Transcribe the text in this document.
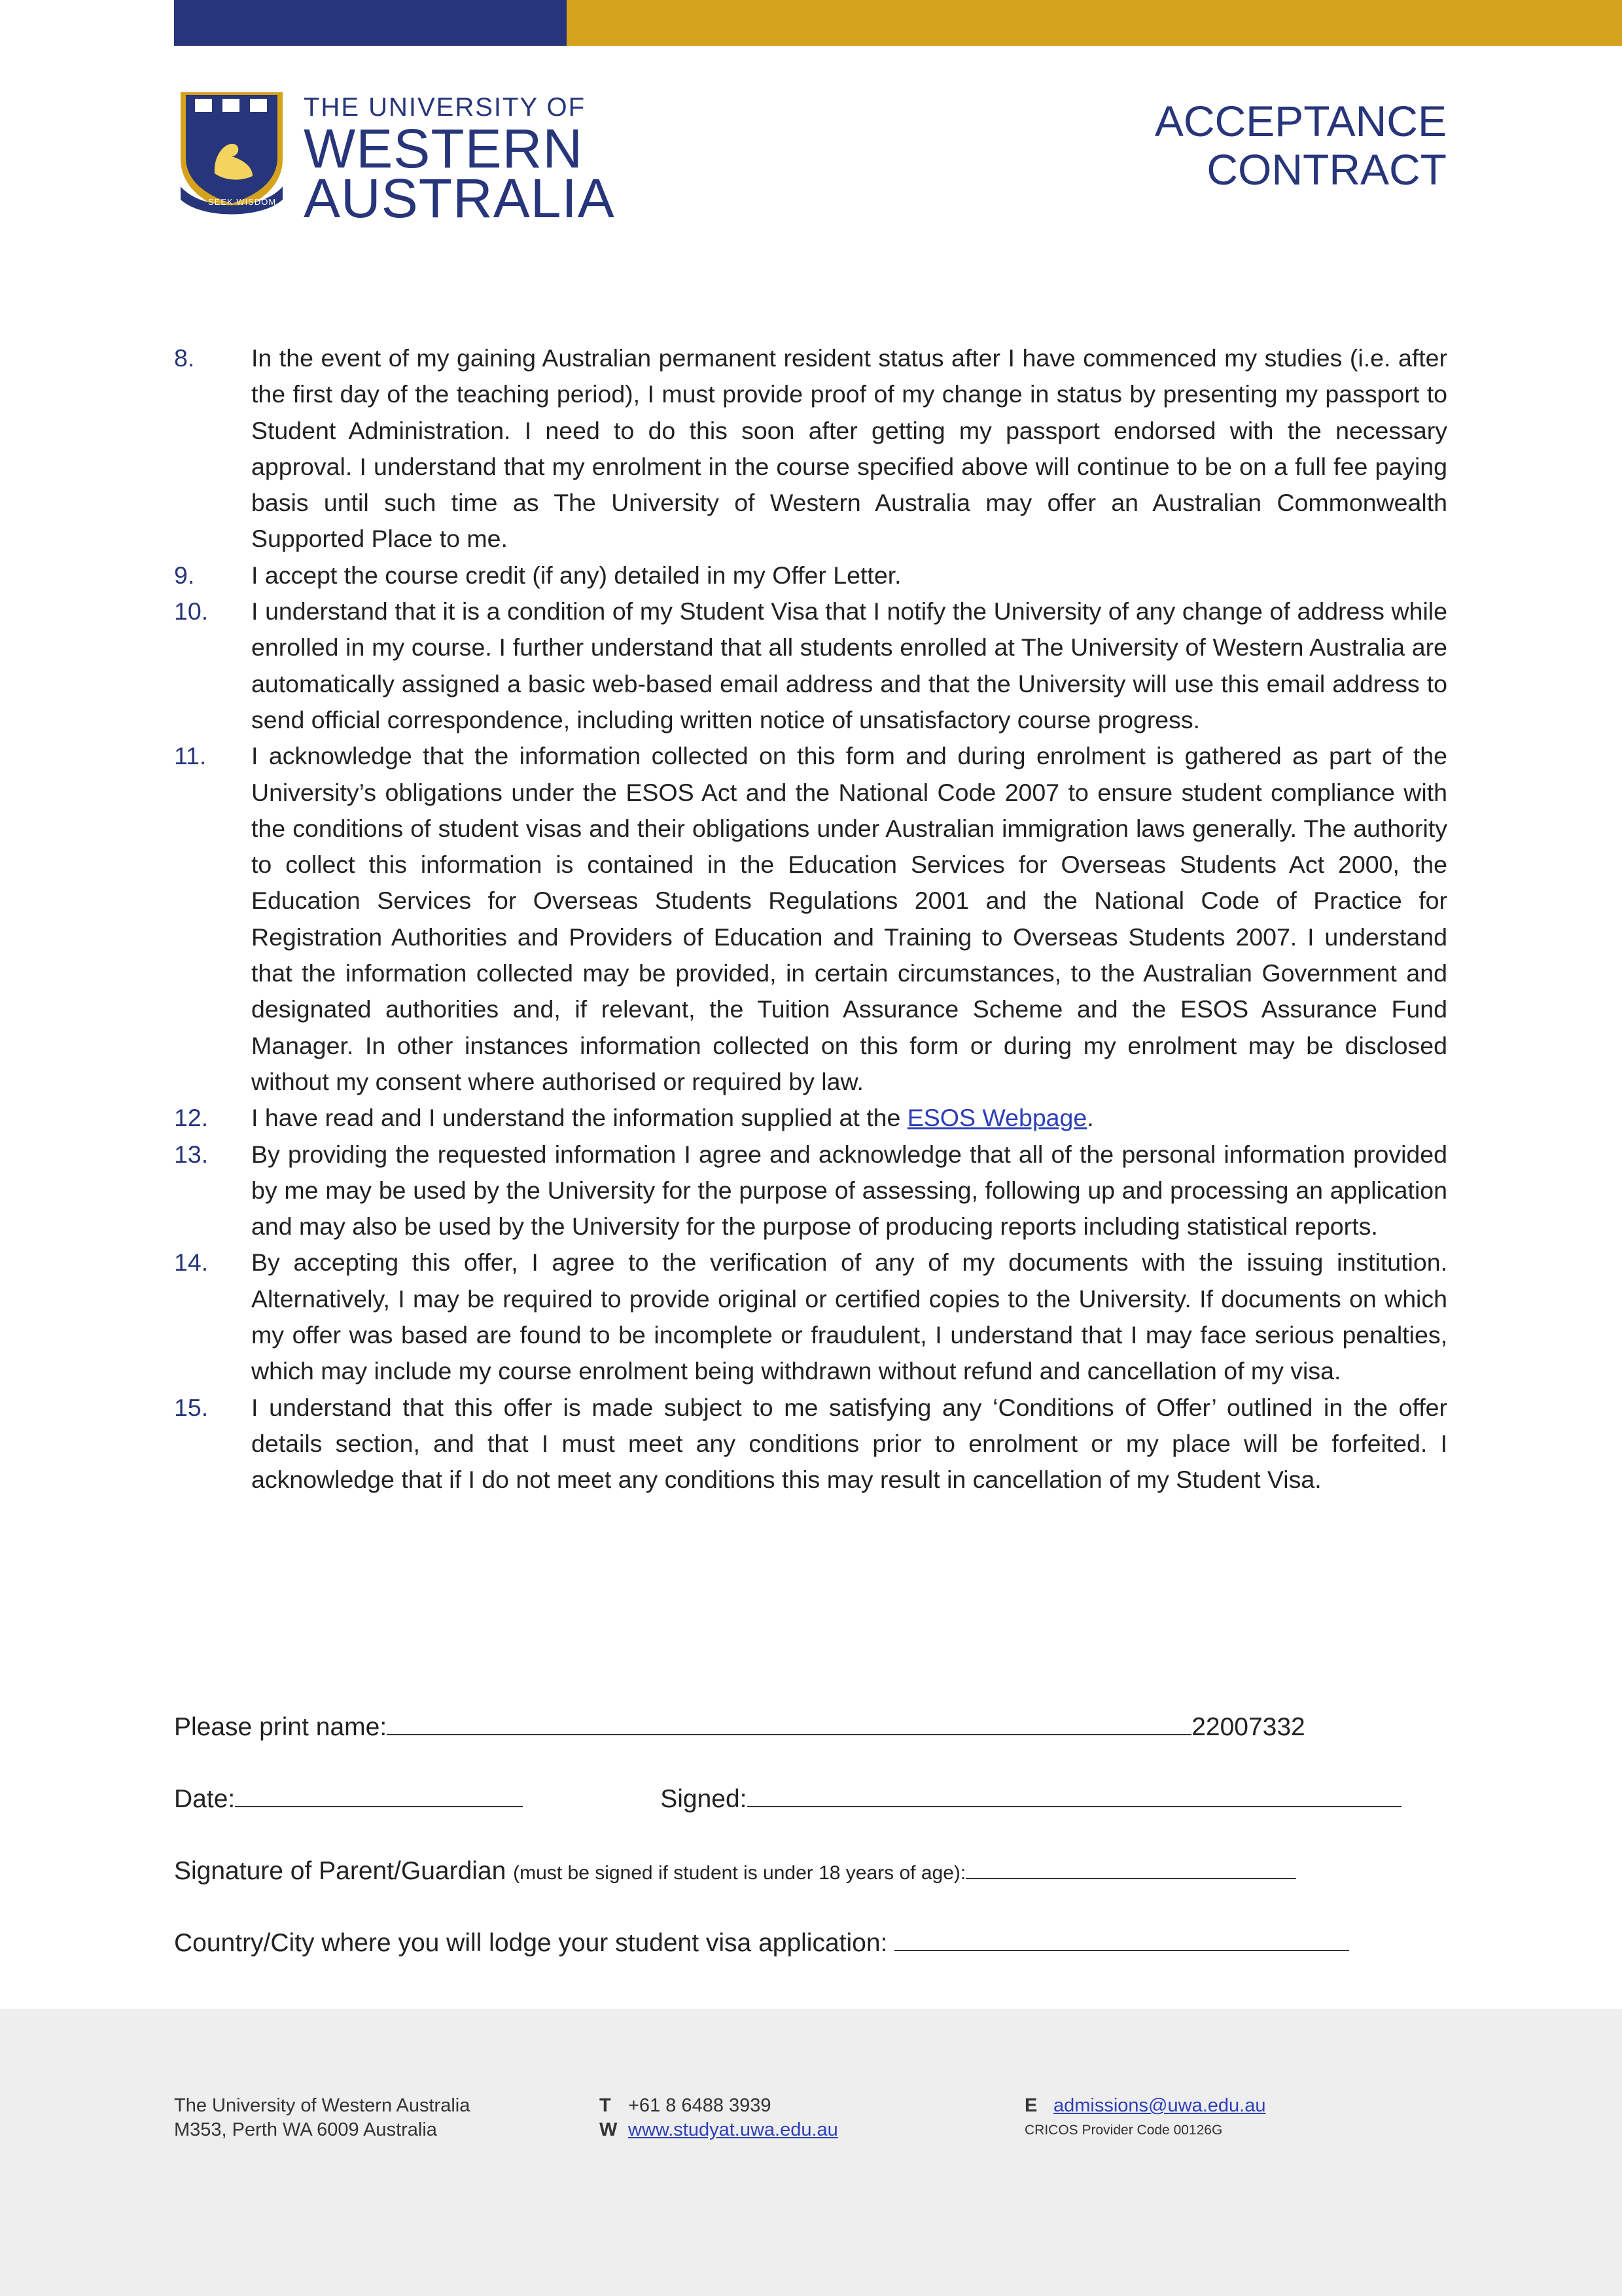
SEEK WISDOM
THE UNIVERSITY OF
WESTERN
AUSTRALIA
ACCEPTANCE
CONTRACT
8. In the event of my gaining Australian permanent resident status after I have commenced my studies (i.e. after the first day of the teaching period), I must provide proof of my change in status by presenting my passport to Student Administration. I need to do this soon after getting my passport endorsed with the necessary approval. I understand that my enrolment in the course specified above will continue to be on a full fee paying basis until such time as The University of Western Australia may offer an Australian Commonwealth Supported Place to me.
9. I accept the course credit (if any) detailed in my Offer Letter.
10. I understand that it is a condition of my Student Visa that I notify the University of any change of address while enrolled in my course. I further understand that all students enrolled at The University of Western Australia are automatically assigned a basic web-based email address and that the University will use this email address to send official correspondence, including written notice of unsatisfactory course progress.
11. I acknowledge that the information collected on this form and during enrolment is gathered as part of the University’s obligations under the ESOS Act and the National Code 2007 to ensure student compliance with the conditions of student visas and their obligations under Australian immigration laws generally. The authority to collect this information is contained in the Education Services for Overseas Students Act 2000, the Education Services for Overseas Students Regulations 2001 and the National Code of Practice for Registration Authorities and Providers of Education and Training to Overseas Students 2007. I understand that the information collected may be provided, in certain circumstances, to the Australian Government and designated authorities and, if relevant, the Tuition Assurance Scheme and the ESOS Assurance Fund Manager. In other instances information collected on this form or during my enrolment may be disclosed without my consent where authorised or required by law.
12. I have read and I understand the information supplied at the ESOS Webpage.
13. By providing the requested information I agree and acknowledge that all of the personal information provided by me may be used by the University for the purpose of assessing, following up and processing an application and may also be used by the University for the purpose of producing reports including statistical reports.
14. By accepting this offer, I agree to the verification of any of my documents with the issuing institution. Alternatively, I may be required to provide original or certified copies to the University. If documents on which my offer was based are found to be incomplete or fraudulent, I understand that I may face serious penalties, which may include my course enrolment being withdrawn without refund and cancellation of my visa.
15. I understand that this offer is made subject to me satisfying any ‘Conditions of Offer’ outlined in the offer details section, and that I must meet any conditions prior to enrolment or my place will be forfeited. I acknowledge that if I do not meet any conditions this may result in cancellation of my Student Visa.
Please print name:	22007332
Date:	Signed:
Signature of Parent/Guardian (must be signed if student is under 18 years of age):
Country/City where you will lodge your student visa application:
The University of Western Australia
M353, Perth WA 6009 Australia
T +61 8 6488 3939
W www.studyat.uwa.edu.au
E admissions@uwa.edu.au
CRICOS Provider Code 00126G
